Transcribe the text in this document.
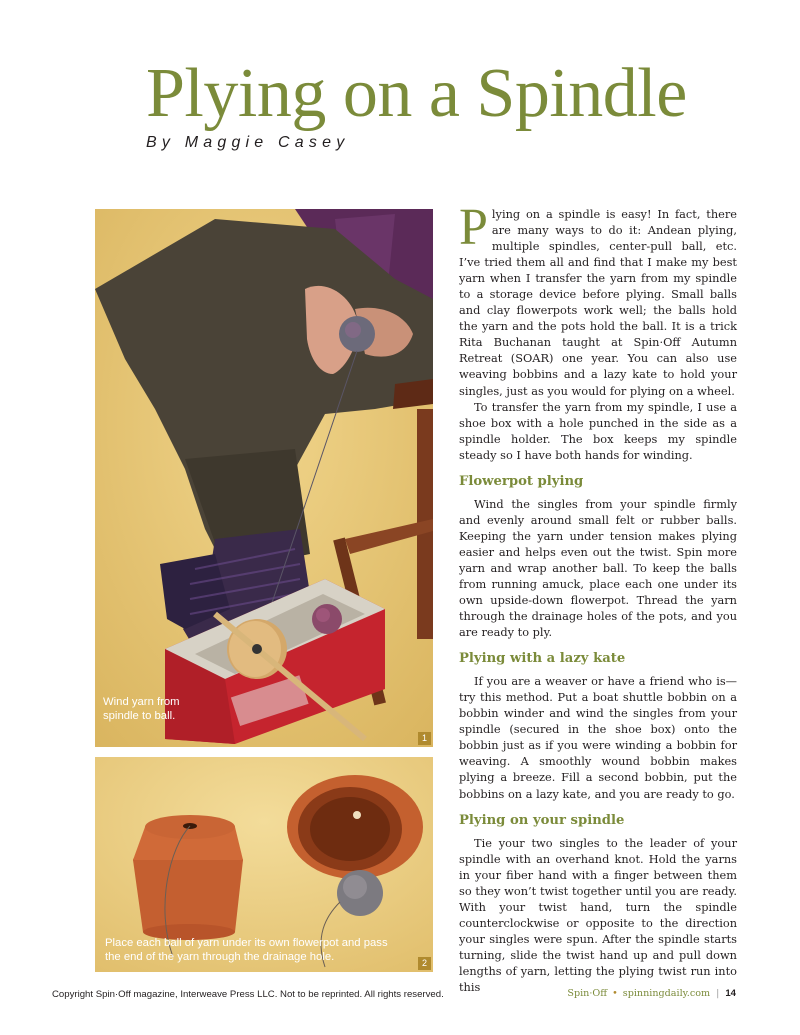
Plying on a Spindle
By Maggie Casey

Wind yarn from spindle to ball.

1

Place each ball of yarn under its own flowerpot and pass the end of the yarn through the drainage hole.

2

Plying on a spindle is easy! In fact, there are many ways to do it: Andean plying, multiple spindles, center-pull ball, etc. I’ve tried them all and find that I make my best yarn when I transfer the yarn from my spindle to a storage device before plying. Small balls and clay flowerpots work well; the balls hold the yarn and the pots hold the ball. It is a trick Rita Buchanan taught at Spin·Off Autumn Retreat (SOAR) one year. You can also use weaving bobbins and a lazy kate to hold your singles, just as you would for plying on a wheel.

To transfer the yarn from my spindle, I use a shoe box with a hole punched in the side as a spindle holder. The box keeps my spindle steady so I have both hands for winding.

Flowerpot plying

Wind the singles from your spindle firmly and evenly around small felt or rubber balls. Keeping the yarn under tension makes plying easier and helps even out the twist. Spin more yarn and wrap another ball. To keep the balls from running amuck, place each one under its own upside-down flowerpot. Thread the yarn through the drainage holes of the pots, and you are ready to ply.

Plying with a lazy kate

If you are a weaver or have a friend who is—try this method. Put a boat shuttle bobbin on a bobbin winder and wind the singles from your spindle (secured in the shoe box) onto the bobbin just as if you were winding a bobbin for weaving. A smoothly wound bobbin makes plying a breeze. Fill a second bobbin, put the bobbins on a lazy kate, and you are ready to go.

Plying on your spindle

Tie your two singles to the leader of your spindle with an overhand knot. Hold the yarns in your fiber hand with a finger between them so they won’t twist together until you are ready. With your twist hand, turn the spindle counterclockwise or opposite to the direction your singles were spun. After the spindle starts turning, slide the twist hand up and pull down lengths of yarn, letting the plying twist run into this

Copyright Spin·Off magazine, Interweave Press LLC. Not to be reprinted. All rights reserved.	Spin·Off • spinningdaily.com | 14
